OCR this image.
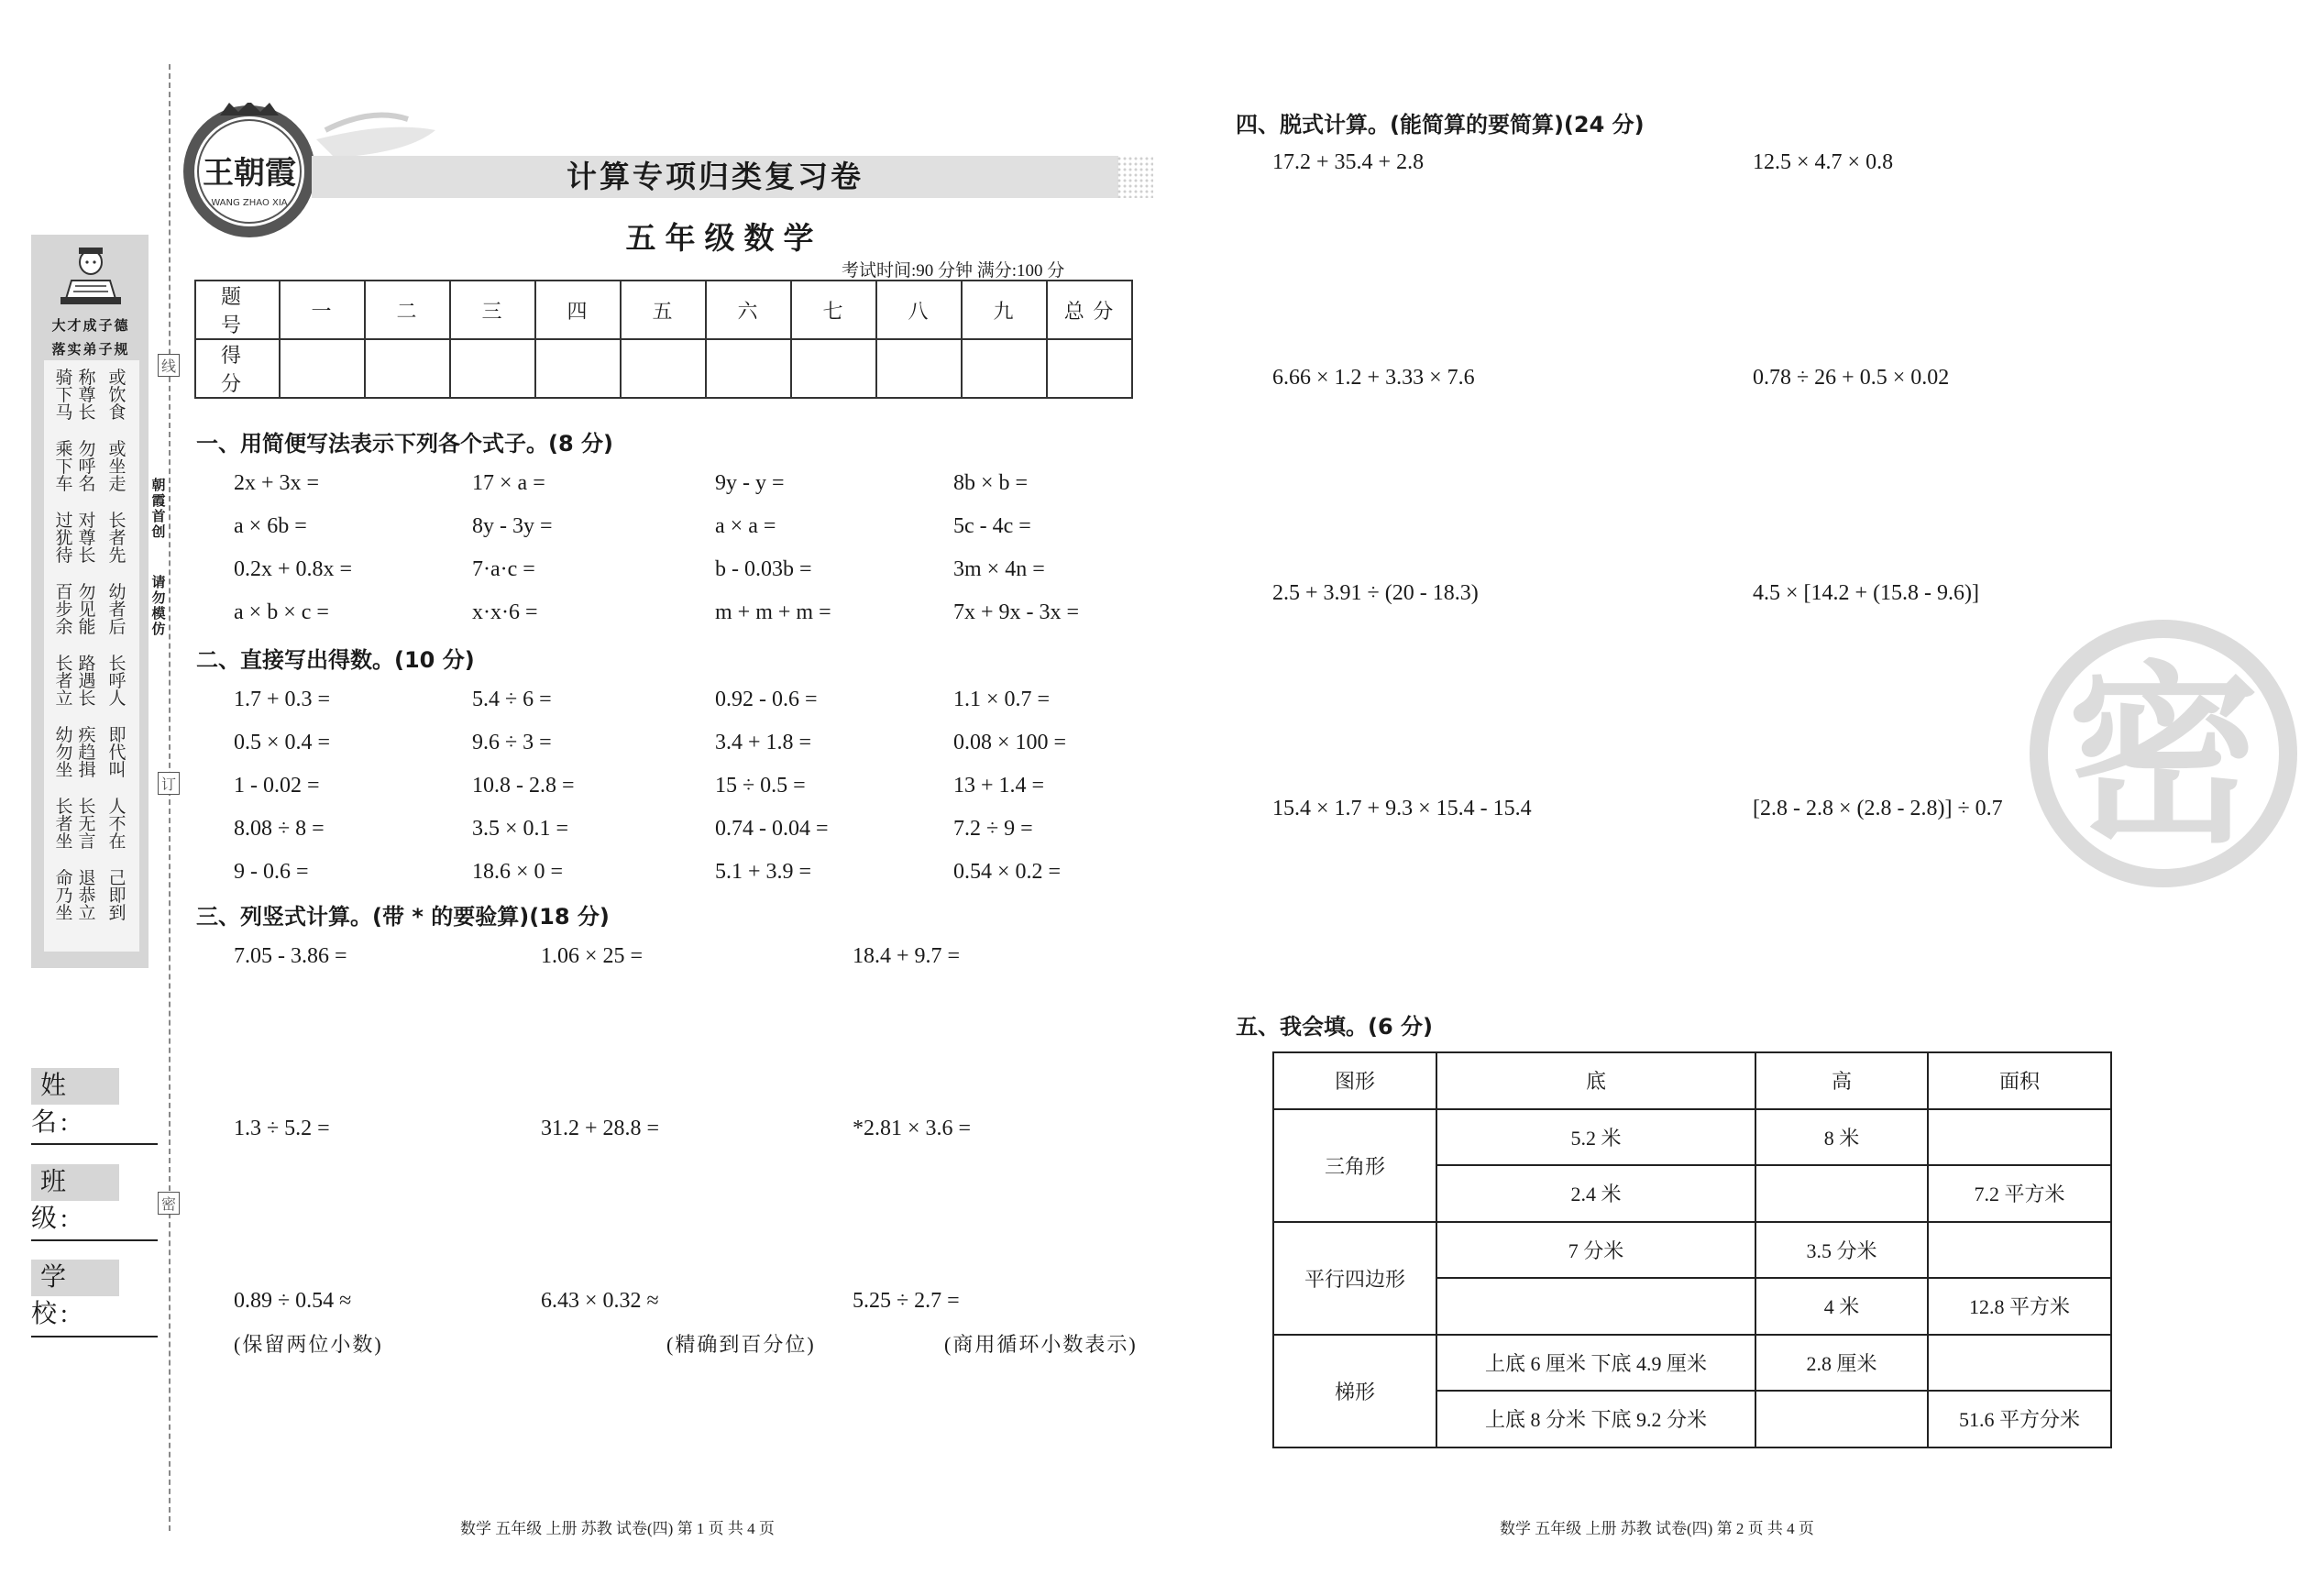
大才成子德
落实弟子规
骑
下
马
称
尊
长
或
饮
食
乘
下
车
勿
呼
名
或
坐
走
过
犹
待
对
尊
长
长
者
先
百
步
余
勿
见
能
幼
者
后
长
者
立
路
遇
长
长
呼
人
幼
勿
坐
疾
趋
揖
即
代
叫
长
者
坐
长
无
言
人
不
在
命
乃
坐
退
恭
立
己
即
到
姓 名:
班 级:
学 校:
线
订
密
朝
霞
首
创
请
勿
模
仿
王朝霞
WANG ZHAO XIA
计算专项归类复习卷
五年级数学
考试时间:90 分钟 满分:100 分
题 号	一	二	三	四	五	六	七	八	九	总 分
得 分										
一、用简便写法表示下列各个式子。(8 分)
2x + 3x =	17 × a =	9y - y =	8b × b =
a × 6b =	8y - 3y =	a × a =	5c - 4c =
0.2x + 0.8x =	7·a·c =	b - 0.03b =	3m × 4n =
a × b × c =	x·x·6 =	m + m + m =	7x + 9x - 3x =
二、直接写出得数。(10 分)
1.7 + 0.3 =	5.4 ÷ 6 =	0.92 - 0.6 =	1.1 × 0.7 =
0.5 × 0.4 =	9.6 ÷ 3 =	3.4 + 1.8 =	0.08 × 100 =
1 - 0.02 =	10.8 - 2.8 =	15 ÷ 0.5 =	13 + 1.4 =
8.08 ÷ 8 =	3.5 × 0.1 =	0.74 - 0.04 =	7.2 ÷ 9 =
9 - 0.6 =	18.6 × 0 =	5.1 + 3.9 =	0.54 × 0.2 =
三、列竖式计算。(带 * 的要验算)(18 分)
7.05 - 3.86 =	1.06 × 25 =	18.4 + 9.7 =
1.3 ÷ 5.2 =	31.2 + 28.8 =	*2.81 × 3.6 =
0.89 ÷ 0.54 ≈	6.43 × 0.32 ≈	5.25 ÷ 2.7 =
(保留两位小数)	(精确到百分位)	(商用循环小数表示)
四、脱式计算。(能简算的要简算)(24 分)
17.2 + 35.4 + 2.8	12.5 × 4.7 × 0.8
6.66 × 1.2 + 3.33 × 7.6	0.78 ÷ 26 + 0.5 × 0.02
2.5 + 3.91 ÷ (20 - 18.3)	4.5 × [14.2 + (15.8 - 9.6)]
15.4 × 1.7 + 9.3 × 15.4 - 15.4	[2.8 - 2.8 × (2.8 - 2.8)] ÷ 0.7 密
五、我会填。(6 分)
图形	底	高	面积
三角形	5.2 米	8 米	
	2.4 米		7.2 平方米
平行四边形	7 分米	3.5 分米	
		4 米	12.8 平方米
梯形	上底 6 厘米 下底 4.9 厘米	2.8 厘米	
	上底 8 分米 下底 9.2 分米		51.6 平方分米
数学 五年级 上册 苏教 试卷(四) 第 1 页 共 4 页	数学 五年级 上册 苏教 试卷(四) 第 2 页 共 4 页
